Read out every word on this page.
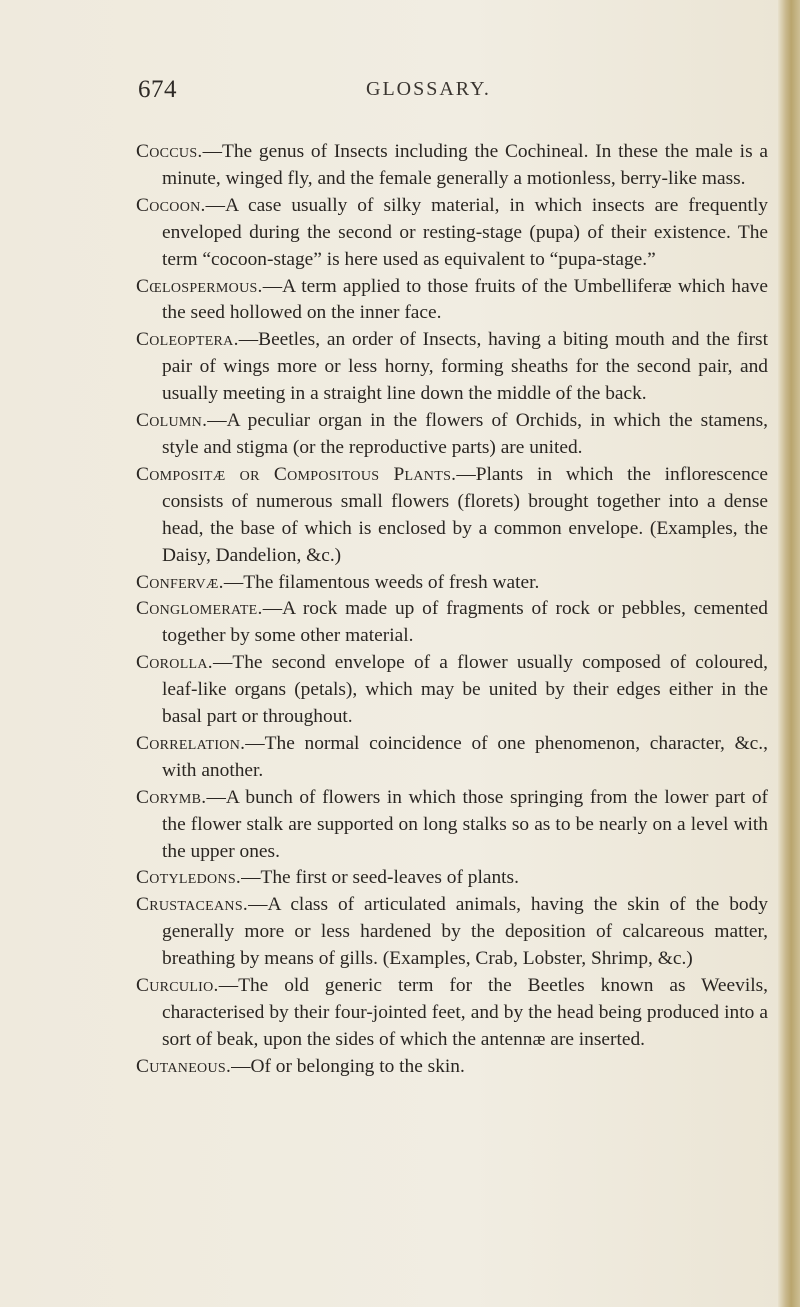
674	GLOSSARY.

Coccus.—The genus of Insects including the Cochineal. In these the male is a minute, winged fly, and the female generally a motionless, berry-like mass.

Cocoon.—A case usually of silky material, in which insects are frequently enveloped during the second or resting-stage (pupa) of their existence. The term “cocoon-stage” is here used as equivalent to “pupa-stage.”

Cœlospermous.—A term applied to those fruits of the Umbelliferæ which have the seed hollowed on the inner face.

Coleoptera.—Beetles, an order of Insects, having a biting mouth and the first pair of wings more or less horny, forming sheaths for the second pair, and usually meeting in a straight line down the middle of the back.

Column.—A peculiar organ in the flowers of Orchids, in which the stamens, style and stigma (or the reproductive parts) are united.

Compositæ or Compositous Plants.—Plants in which the inflorescence consists of numerous small flowers (florets) brought together into a dense head, the base of which is enclosed by a common envelope. (Examples, the Daisy, Dandelion, &c.)

Confervæ.—The filamentous weeds of fresh water.

Conglomerate.—A rock made up of fragments of rock or pebbles, cemented together by some other material.

Corolla.—The second envelope of a flower usually composed of coloured, leaf-like organs (petals), which may be united by their edges either in the basal part or throughout.

Correlation.—The normal coincidence of one phenomenon, character, &c., with another.

Corymb.—A bunch of flowers in which those springing from the lower part of the flower stalk are supported on long stalks so as to be nearly on a level with the upper ones.

Cotyledons.—The first or seed-leaves of plants.

Crustaceans.—A class of articulated animals, having the skin of the body generally more or less hardened by the deposition of calcareous matter, breathing by means of gills. (Examples, Crab, Lobster, Shrimp, &c.)

Curculio.—The old generic term for the Beetles known as Weevils, characterised by their four-jointed feet, and by the head being produced into a sort of beak, upon the sides of which the antennæ are inserted.

Cutaneous.—Of or belonging to the skin.
